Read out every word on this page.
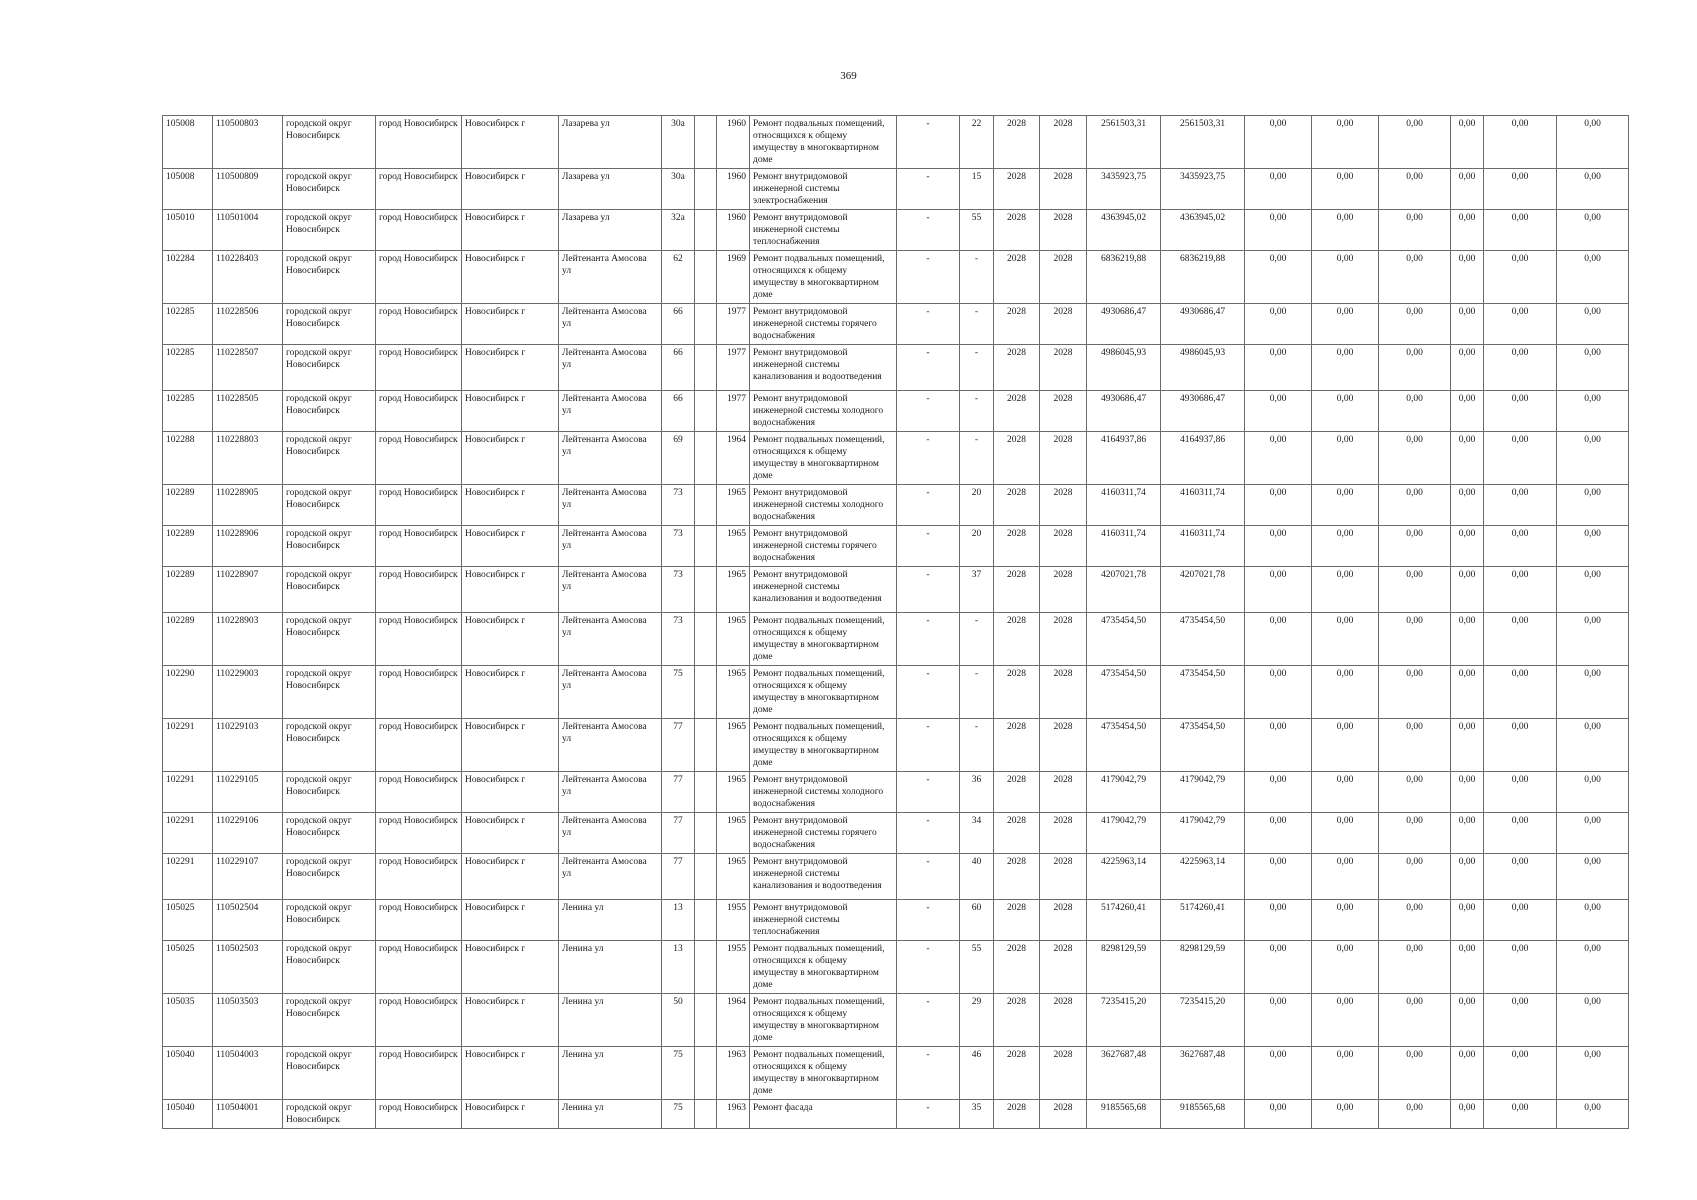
369
105008	110500803	городской округ Новосибирск	город Новосибирск	Новосибирск г	Лазарева ул	30а		1960	Ремонт подвальных помещений, относящихся к общему имуществу в многоквартирном доме	-	22	2028	2028	2561503,31	2561503,31	0,00	0,00	0,00	0,00	0,00	0,00
105008	110500809	городской округ Новосибирск	город Новосибирск	Новосибирск г	Лазарева ул	30а		1960	Ремонт внутридомовой инженерной системы электроснабжения	-	15	2028	2028	3435923,75	3435923,75	0,00	0,00	0,00	0,00	0,00	0,00
105010	110501004	городской округ Новосибирск	город Новосибирск	Новосибирск г	Лазарева ул	32а		1960	Ремонт внутридомовой инженерной системы теплоснабжения	-	55	2028	2028	4363945,02	4363945,02	0,00	0,00	0,00	0,00	0,00	0,00
102284	110228403	городской округ Новосибирск	город Новосибирск	Новосибирск г	Лейтенанта Амосова ул	62		1969	Ремонт подвальных помещений, относящихся к общему имуществу в многоквартирном доме	-	-	2028	2028	6836219,88	6836219,88	0,00	0,00	0,00	0,00	0,00	0,00
102285	110228506	городской округ Новосибирск	город Новосибирск	Новосибирск г	Лейтенанта Амосова ул	66		1977	Ремонт внутридомовой инженерной системы горячего водоснабжения	-	-	2028	2028	4930686,47	4930686,47	0,00	0,00	0,00	0,00	0,00	0,00
102285	110228507	городской округ Новосибирск	город Новосибирск	Новосибирск г	Лейтенанта Амосова ул	66		1977	Ремонт внутридомовой инженерной системы канализования и водоотведения	-	-	2028	2028	4986045,93	4986045,93	0,00	0,00	0,00	0,00	0,00	0,00
102285	110228505	городской округ Новосибирск	город Новосибирск	Новосибирск г	Лейтенанта Амосова ул	66		1977	Ремонт внутридомовой инженерной системы холодного водоснабжения	-	-	2028	2028	4930686,47	4930686,47	0,00	0,00	0,00	0,00	0,00	0,00
102288	110228803	городской округ Новосибирск	город Новосибирск	Новосибирск г	Лейтенанта Амосова ул	69		1964	Ремонт подвальных помещений, относящихся к общему имуществу в многоквартирном доме	-	-	2028	2028	4164937,86	4164937,86	0,00	0,00	0,00	0,00	0,00	0,00
102289	110228905	городской округ Новосибирск	город Новосибирск	Новосибирск г	Лейтенанта Амосова ул	73		1965	Ремонт внутридомовой инженерной системы холодного водоснабжения	-	20	2028	2028	4160311,74	4160311,74	0,00	0,00	0,00	0,00	0,00	0,00
102289	110228906	городской округ Новосибирск	город Новосибирск	Новосибирск г	Лейтенанта Амосова ул	73		1965	Ремонт внутридомовой инженерной системы горячего водоснабжения	-	20	2028	2028	4160311,74	4160311,74	0,00	0,00	0,00	0,00	0,00	0,00
102289	110228907	городской округ Новосибирск	город Новосибирск	Новосибирск г	Лейтенанта Амосова ул	73		1965	Ремонт внутридомовой инженерной системы канализования и водоотведения	-	37	2028	2028	4207021,78	4207021,78	0,00	0,00	0,00	0,00	0,00	0,00
102289	110228903	городской округ Новосибирск	город Новосибирск	Новосибирск г	Лейтенанта Амосова ул	73		1965	Ремонт подвальных помещений, относящихся к общему имуществу в многоквартирном доме	-	-	2028	2028	4735454,50	4735454,50	0,00	0,00	0,00	0,00	0,00	0,00
102290	110229003	городской округ Новосибирск	город Новосибирск	Новосибирск г	Лейтенанта Амосова ул	75		1965	Ремонт подвальных помещений, относящихся к общему имуществу в многоквартирном доме	-	-	2028	2028	4735454,50	4735454,50	0,00	0,00	0,00	0,00	0,00	0,00
102291	110229103	городской округ Новосибирск	город Новосибирск	Новосибирск г	Лейтенанта Амосова ул	77		1965	Ремонт подвальных помещений, относящихся к общему имуществу в многоквартирном доме	-	-	2028	2028	4735454,50	4735454,50	0,00	0,00	0,00	0,00	0,00	0,00
102291	110229105	городской округ Новосибирск	город Новосибирск	Новосибирск г	Лейтенанта Амосова ул	77		1965	Ремонт внутридомовой инженерной системы холодного водоснабжения	-	36	2028	2028	4179042,79	4179042,79	0,00	0,00	0,00	0,00	0,00	0,00
102291	110229106	городской округ Новосибирск	город Новосибирск	Новосибирск г	Лейтенанта Амосова ул	77		1965	Ремонт внутридомовой инженерной системы горячего водоснабжения	-	34	2028	2028	4179042,79	4179042,79	0,00	0,00	0,00	0,00	0,00	0,00
102291	110229107	городской округ Новосибирск	город Новосибирск	Новосибирск г	Лейтенанта Амосова ул	77		1965	Ремонт внутридомовой инженерной системы канализования и водоотведения	-	40	2028	2028	4225963,14	4225963,14	0,00	0,00	0,00	0,00	0,00	0,00
105025	110502504	городской округ Новосибирск	город Новосибирск	Новосибирск г	Ленина ул	13		1955	Ремонт внутридомовой инженерной системы теплоснабжения	-	60	2028	2028	5174260,41	5174260,41	0,00	0,00	0,00	0,00	0,00	0,00
105025	110502503	городской округ Новосибирск	город Новосибирск	Новосибирск г	Ленина ул	13		1955	Ремонт подвальных помещений, относящихся к общему имуществу в многоквартирном доме	-	55	2028	2028	8298129,59	8298129,59	0,00	0,00	0,00	0,00	0,00	0,00
105035	110503503	городской округ Новосибирск	город Новосибирск	Новосибирск г	Ленина ул	50		1964	Ремонт подвальных помещений, относящихся к общему имуществу в многоквартирном доме	-	29	2028	2028	7235415,20	7235415,20	0,00	0,00	0,00	0,00	0,00	0,00
105040	110504003	городской округ Новосибирск	город Новосибирск	Новосибирск г	Ленина ул	75		1963	Ремонт подвальных помещений, относящихся к общему имуществу в многоквартирном доме	-	46	2028	2028	3627687,48	3627687,48	0,00	0,00	0,00	0,00	0,00	0,00
105040	110504001	городской округ Новосибирск	город Новосибирск	Новосибирск г	Ленина ул	75		1963	Ремонт фасада	-	35	2028	2028	9185565,68	9185565,68	0,00	0,00	0,00	0,00	0,00	0,00
